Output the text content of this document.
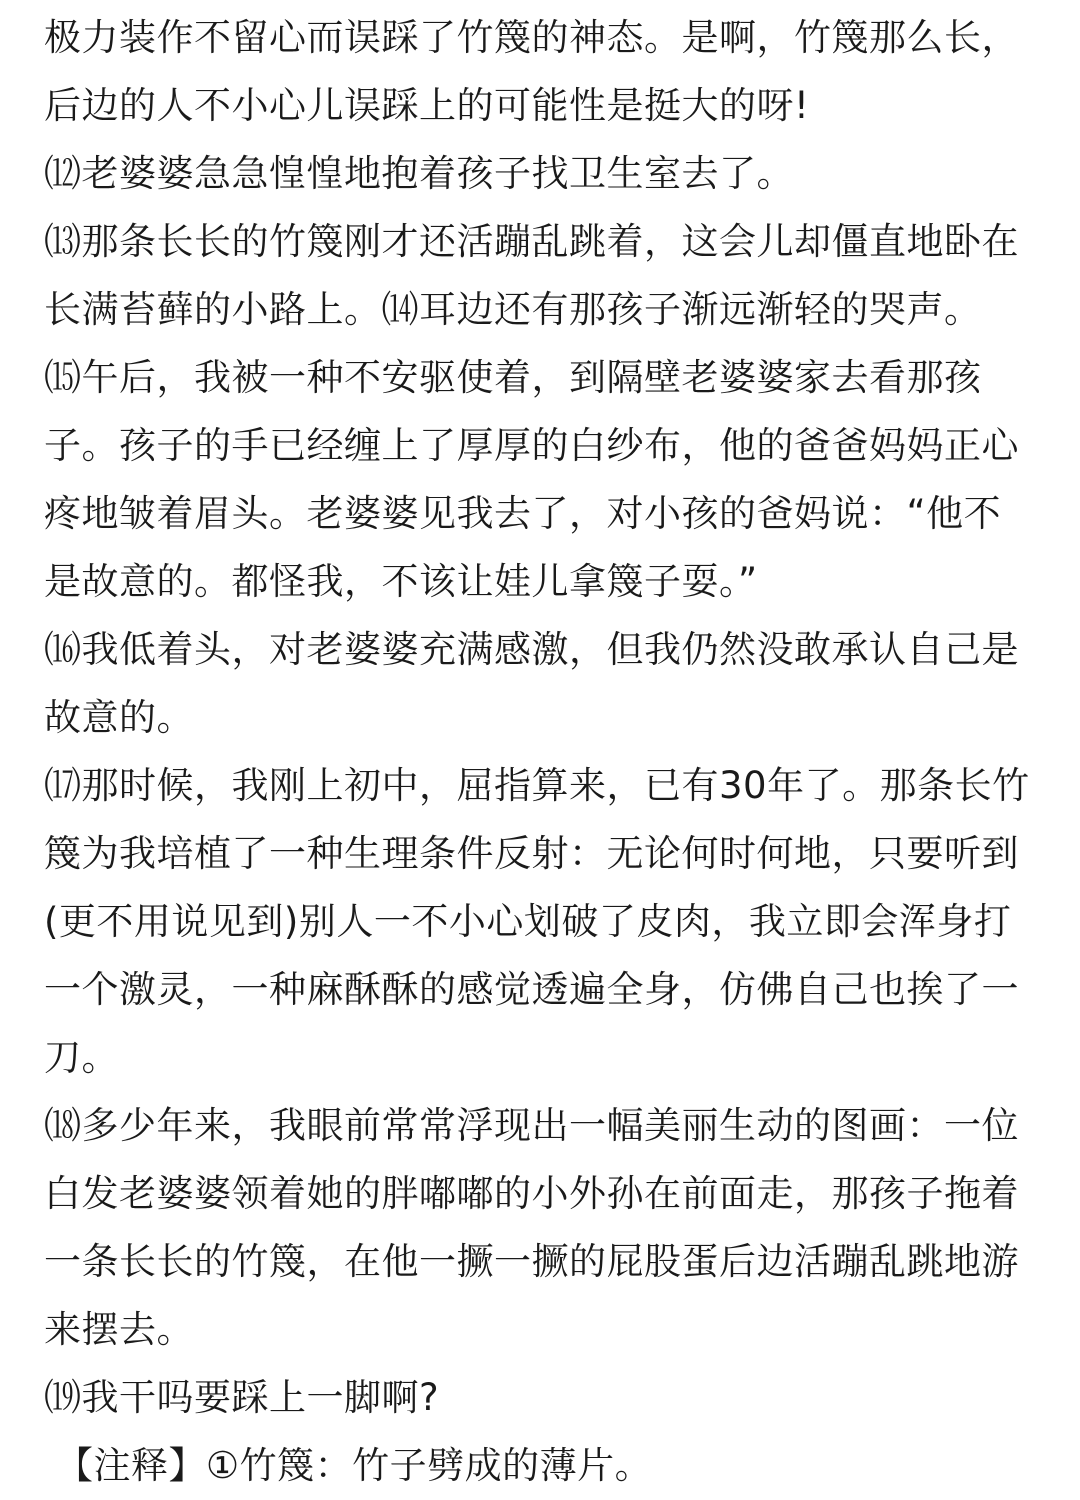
极力装作不留心而误踩了竹篾的神态。是啊，竹篾那么长，
后边的人不小心儿误踩上的可能性是挺大的呀!
⑿老婆婆急急惶惶地抱着孩子找卫生室去了。
⒀那条长长的竹篾刚才还活蹦乱跳着，这会儿却僵直地卧在
长满苔藓的小路上。⒁耳边还有那孩子渐远渐轻的哭声。
⒂午后，我被一种不安驱使着，到隔壁老婆婆家去看那孩
子。孩子的手已经缠上了厚厚的白纱布，他的爸爸妈妈正心
疼地皱着眉头。老婆婆见我去了，对小孩的爸妈说：“他不
是故意的。都怪我，不该让娃儿拿篾子耍。”
⒃我低着头，对老婆婆充满感激，但我仍然没敢承认自己是
故意的。
⒄那时候，我刚上初中，屈指算来，已有30年了。那条长竹
篾为我培植了一种生理条件反射：无论何时何地，只要听到
(更不用说见到)别人一不小心划破了皮肉，我立即会浑身打
一个激灵，一种麻酥酥的感觉透遍全身，仿佛自己也挨了一
刀。
⒅多少年来，我眼前常常浮现出一幅美丽生动的图画：一位
白发老婆婆领着她的胖嘟嘟的小外孙在前面走，那孩子拖着
一条长长的竹篾，在他一撅一撅的屁股蛋后边活蹦乱跳地游
来摆去。
⒆我干吗要踩上一脚啊?
【注释】①竹篾：竹子劈成的薄片。
